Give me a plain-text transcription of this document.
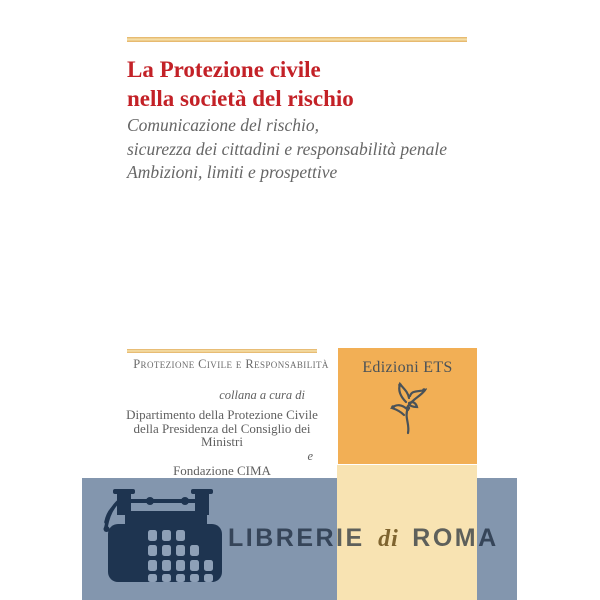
La Protezione civile
nella società del rischio
Comunicazione del rischio,
sicurezza dei cittadini e responsabilità penale
Ambizioni, limiti e prospettive
Protezione Civile e Responsabilità	Edizioni ETS
collana a cura di
Dipartimento della Protezione Civile
della Presidenza del Consiglio dei Ministri
e
Fondazione CIMA
LIBRERIE di ROMA
